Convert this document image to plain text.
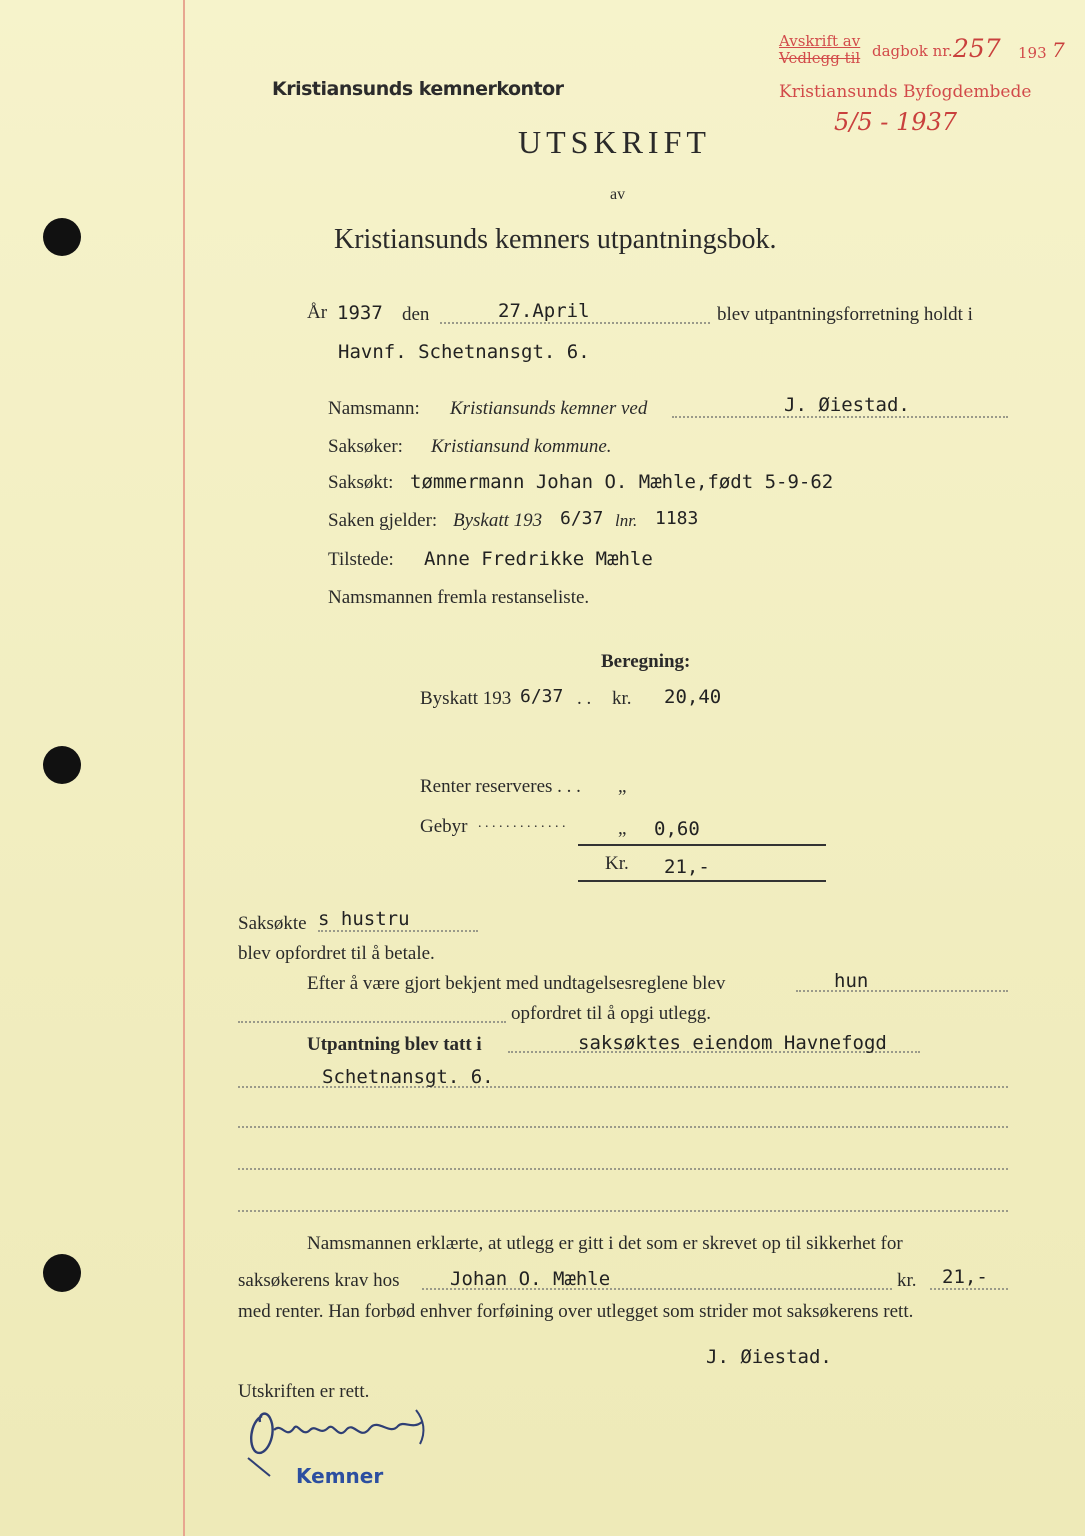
Kristiansunds kemnerkontor
Avskrift av
Vedlegg til dagbok nr. 257 193 7
Kristiansunds Byfogdembede
5/5 - 1937
UTSKRIFT
av
Kristiansunds kemners utpantningsbok.
År 1937 den	27.April	blev utpantningsforretning holdt i
Havnf. Schetnansgt. 6.
Namsmann: Kristiansunds kemner ved	J. Øiestad.
Saksøker: Kristiansund kommune.
Saksøkt: tømmermann Johan O. Mæhle,født 5-9-62
Saken gjelder: Byskatt 193 6/37 lnr. 1183
Tilstede: Anne Fredrikke Mæhle
Namsmannen fremla restanseliste.
Beregning:
Byskatt 193 6/37 . . kr. 20,40
Renter reserveres . . . „
Gebyr . . . . . . . . . . . . .	„ 0,60
Kr. 21,-
Saksøkte s hustru
blev opfordret til å betale.
Efter å være gjort bekjent med undtagelsesreglene blev	hun
opfordret til å opgi utlegg.
Utpantning blev tatt i	saksøktes eiendom Havnefogd
Schetnansgt. 6.
Namsmannen erklærte, at utlegg er gitt i det som er skrevet op til sikkerhet for
saksøkerens krav hos	Johan O. Mæhle	kr. 21,-
med renter. Han forbød enhver forføining over utlegget som strider mot saksøkerens rett.
J. Øiestad.
Utskriften er rett.
Kemner
